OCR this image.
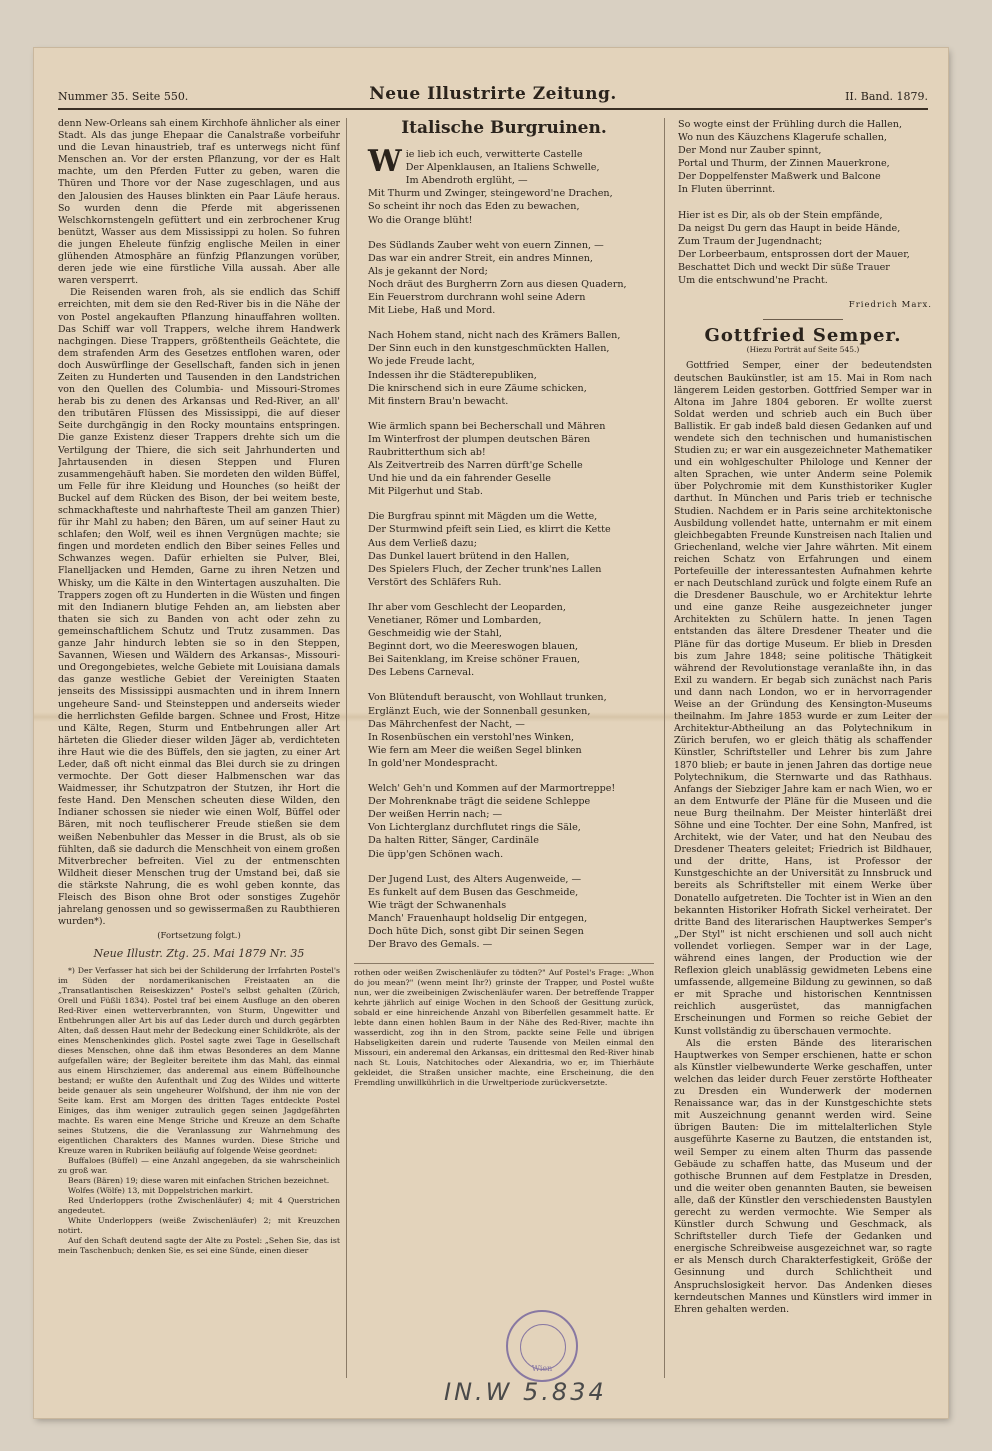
Nummer 35. Seite 550.	Neue Illustrirte Zeitung.	II. Band. 1879.

denn New-Orleans sah einem Kirchhofe ähnlicher als einer Stadt. Als das junge Ehepaar die Canalstraße vorbeifuhr und die Levan hinaustrieb, traf es unterwegs nicht fünf Menschen an. Vor der ersten Pflanzung, vor der es Halt machte, um den Pferden Futter zu geben, waren die Thüren und Thore vor der Nase zugeschlagen, und aus den Jalousien des Hauses blinkten ein Paar Läufe heraus. So wurden denn die Pferde mit abgerissenen Welschkornstengeln gefüttert und ein zerbrochener Krug benützt, Wasser aus dem Mississippi zu holen. So fuhren die jungen Eheleute fünfzig englische Meilen in einer glühenden Atmosphäre an fünfzig Pflanzungen vorüber, deren jede wie eine fürstliche Villa aussah. Aber alle waren versperrt.

Die Reisenden waren froh, als sie endlich das Schiff erreichten, mit dem sie den Red-River bis in die Nähe der von Postel angekauften Pflanzung hinauffahren wollten. Das Schiff war voll Trappers, welche ihrem Handwerk nachgingen. Diese Trappers, größtentheils Geächtete, die dem strafenden Arm des Gesetzes entflohen waren, oder doch Auswürflinge der Gesellschaft, fanden sich in jenen Zeiten zu Hunderten und Tausenden in den Landstrichen von den Quellen des Columbia- und Missouri-Stromes herab bis zu denen des Arkansas und Red-River, an all' den tributären Flüssen des Mississippi, die auf dieser Seite durchgängig in den Rocky mountains entspringen. Die ganze Existenz dieser Trappers drehte sich um die Vertilgung der Thiere, die sich seit Jahrhunderten und Jahrtausenden in diesen Steppen und Fluren zusammengehäuft haben. Sie mordeten den wilden Büffel, um Felle für ihre Kleidung und Hounches (so heißt der Buckel auf dem Rücken des Bison, der bei weitem beste, schmackhafteste und nahrhafteste Theil am ganzen Thier) für ihr Mahl zu haben; den Bären, um auf seiner Haut zu schlafen; den Wolf, weil es ihnen Vergnügen machte; sie fingen und mordeten endlich den Biber seines Felles und Schwanzes wegen. Dafür erhielten sie Pulver, Blei, Flanelljacken und Hemden, Garne zu ihren Netzen und Whisky, um die Kälte in den Wintertagen auszuhalten. Die Trappers zogen oft zu Hunderten in die Wüsten und fingen mit den Indianern blutige Fehden an, am liebsten aber thaten sie sich zu Banden von acht oder zehn zu gemeinschaftlichem Schutz und Trutz zusammen. Das ganze Jahr hindurch lebten sie so in den Steppen, Savannen, Wiesen und Wäldern des Arkansas-, Missouri- und Oregongebietes, welche Gebiete mit Louisiana damals das ganze westliche Gebiet der Vereinigten Staaten jenseits des Mississippi ausmachten und in ihrem Innern ungeheure Sand- und Steinsteppen und anderseits wieder die herrlichsten Gefilde bargen. Schnee und Frost, Hitze und Kälte, Regen, Sturm und Entbehrungen aller Art härteten die Glieder dieser wilden Jäger ab, verdichteten ihre Haut wie die des Büffels, den sie jagten, zu einer Art Leder, daß oft nicht einmal das Blei durch sie zu dringen vermochte. Der Gott dieser Halbmenschen war das Waidmesser, ihr Schutzpatron der Stutzen, ihr Hort die feste Hand. Den Menschen scheuten diese Wilden, den Indianer schossen sie nieder wie einen Wolf, Büffel oder Bären, mit noch teuflischerer Freude stießen sie dem weißen Nebenbuhler das Messer in die Brust, als ob sie fühlten, daß sie dadurch die Menschheit von einem großen Mitverbrecher befreiten. Viel zu der entmenschten Wildheit dieser Menschen trug der Umstand bei, daß sie die stärkste Nahrung, die es wohl geben konnte, das Fleisch des Bison ohne Brot oder sonstiges Zugehör jahrelang genossen und so gewissermaßen zu Raubthieren wurden*).

(Fortsetzung folgt.)

Neue Illustr. Ztg. 25. Mai 1879 Nr. 35

*) Der Verfasser hat sich bei der Schilderung der Irrfahrten Postel's im Süden der nordamerikanischen Freistaaten an die „Transatlantischen Reiseskizzen" Postel's selbst gehalten (Zürich, Orell und Füßli 1834). Postel traf bei einem Ausfluge an den oberen Red-River einen wetterverbrannten, von Sturm, Ungewitter und Entbehrungen aller Art bis auf das Leder durch und durch gegärbten Alten, daß dessen Haut mehr der Bedeckung einer Schildkröte, als der eines Menschenkindes glich. Postel sagte zwei Tage in Gesellschaft dieses Menschen, ohne daß ihm etwas Besonderes an dem Manne aufgefallen wäre; der Begleiter bereitete ihm das Mahl, das einmal aus einem Hirschziemer, das anderemal aus einem Büffelhounche bestand; er wußte den Aufenthalt und Zug des Wildes und witterte beide genauer als sein ungeheurer Wolfshund, der ihm nie von der Seite kam. Erst am Morgen des dritten Tages entdeckte Postel Einiges, das ihm weniger zutraulich gegen seinen Jagdgefährten machte. Es waren eine Menge Striche und Kreuze an dem Schafte seines Stutzens, die die Veranlassung zur Wahrnehmung des eigentlichen Charakters des Mannes wurden. Diese Striche und Kreuze waren in Rubriken beiläufig auf folgende Weise geordnet:

Buffaloes (Büffel) — eine Anzahl angegeben, da sie wahrscheinlich zu groß war.

Bears (Bären) 19; diese waren mit einfachen Strichen bezeichnet.

Wolfes (Wölfe) 13, mit Doppelstrichen markirt.

Red Underloppers (rothe Zwischenläufer) 4; mit 4 Querstrichen angedeutet.

White Underloppers (weiße Zwischenläufer) 2; mit Kreuzchen notirt.

Auf den Schaft deutend sagte der Alte zu Postel: „Sehen Sie, das ist mein Taschenbuch; denken Sie, es sei eine Sünde, einen dieser

Italische Burgruinen.
Wie lieb ich euch, verwitterte Castelle
Der Alpenklausen, an Italiens Schwelle,
Im Abendroth erglüht, —
Mit Thurm und Zwinger, steingeword'ne Drachen,
So scheint ihr noch das Eden zu bewachen,
Wo die Orange blüht!
Des Südlands Zauber weht von euern Zinnen, —
Das war ein andrer Streit, ein andres Minnen,
Als je gekannt der Nord;
Noch dräut des Burgherrn Zorn aus diesen Quadern,
Ein Feuerstrom durchrann wohl seine Adern
Mit Liebe, Haß und Mord.
Nach Hohem stand, nicht nach des Krämers Ballen,
Der Sinn euch in den kunstgeschmückten Hallen,
Wo jede Freude lacht,
Indessen ihr die Städterepubliken,
Die knirschend sich in eure Zäume schicken,
Mit finstern Brau'n bewacht.
Wie ärmlich spann bei Becherschall und Mähren
Im Winterfrost der plumpen deutschen Bären
Raubritterthum sich ab!
Als Zeitvertreib des Narren dürft'ge Schelle
Und hie und da ein fahrender Geselle
Mit Pilgerhut und Stab.
Die Burgfrau spinnt mit Mägden um die Wette,
Der Sturmwind pfeift sein Lied, es klirrt die Kette
Aus dem Verließ dazu;
Das Dunkel lauert brütend in den Hallen,
Des Spielers Fluch, der Zecher trunk'nes Lallen
Verstört des Schläfers Ruh.
Ihr aber vom Geschlecht der Leoparden,
Venetianer, Römer und Lombarden,
Geschmeidig wie der Stahl,
Beginnt dort, wo die Meereswogen blauen,
Bei Saitenklang, im Kreise schöner Frauen,
Des Lebens Carneval.
Von Blütenduft berauscht, von Wohllaut trunken,
Erglänzt Euch, wie der Sonnenball gesunken,
Das Mährchenfest der Nacht, —
In Rosenbüschen ein verstohl'nes Winken,
Wie fern am Meer die weißen Segel blinken
In gold'ner Mondespracht.
Welch' Geh'n und Kommen auf der Marmortreppe!
Der Mohrenknabe trägt die seidene Schleppe
Der weißen Herrin nach; —
Von Lichterglanz durchflutet rings die Säle,
Da halten Ritter, Sänger, Cardinäle
Die üpp'gen Schönen wach.
Der Jugend Lust, des Alters Augenweide, —
Es funkelt auf dem Busen das Geschmeide,
Wie trägt der Schwanenhals
Manch' Frauenhaupt holdselig Dir entgegen,
Doch hüte Dich, sonst gibt Dir seinen Segen
Der Bravo des Gemals. —

rothen oder weißen Zwischenläufer zu tödten?" Auf Postel's Frage: „Whon do jou mean?" (wenn meint Ihr?) grinste der Trapper, und Postel wußte nun, wer die zweibeinigen Zwischenläufer waren. Der betreffende Trapper kehrte jährlich auf einige Wochen in den Schooß der Gesittung zurück, sobald er eine hinreichende Anzahl von Biberfellen gesammelt hatte. Er lebte dann einen hohlen Baum in der Nähe des Red-River, machte ihn wasserdicht, zog ihn in den Strom, packte seine Felle und übrigen Habseligkeiten darein und ruderte Tausende von Meilen einmal den Missouri, ein anderemal den Arkansas, ein drittesmal den Red-River hinab nach St. Louis, Natchitoches oder Alexandria, wo er, im Thierhäute gekleidet, die Straßen unsicher machte, eine Erscheinung, die den Fremdling unwillkührlich in die Urweltperiode zurückversetzte.

So wogte einst der Frühling durch die Hallen,
Wo nun des Käuzchens Klagerufe schallen,
Der Mond nur Zauber spinnt,
Portal und Thurm, der Zinnen Mauerkrone,
Der Doppelfenster Maßwerk und Balcone
In Fluten überrinnt.
Hier ist es Dir, als ob der Stein empfände,
Da neigst Du gern das Haupt in beide Hände,
Zum Traum der Jugendnacht;
Der Lorbeerbaum, entsprossen dort der Mauer,
Beschattet Dich und weckt Dir süße Trauer
Um die entschwund'ne Pracht.
Friedrich Marx.
Gottfried Semper.
(Hiezu Porträt auf Seite 545.)

Gottfried Semper, einer der bedeutendsten deutschen Baukünstler, ist am 15. Mai in Rom nach längerem Leiden gestorben. Gottfried Semper war in Altona im Jahre 1804 geboren. Er wollte zuerst Soldat werden und schrieb auch ein Buch über Ballistik. Er gab indeß bald diesen Gedanken auf und wendete sich den technischen und humanistischen Studien zu; er war ein ausgezeichneter Mathematiker und ein wohlgeschulter Philologe und Kenner der alten Sprachen, wie unter Anderm seine Polemik über Polychromie mit dem Kunsthistoriker Kugler darthut. In München und Paris trieb er technische Studien. Nachdem er in Paris seine architektonische Ausbildung vollendet hatte, unternahm er mit einem gleichbegabten Freunde Kunstreisen nach Italien und Griechenland, welche vier Jahre währten. Mit einem reichen Schatz von Erfahrungen und einem Portefeuille der interessantesten Aufnahmen kehrte er nach Deutschland zurück und folgte einem Rufe an die Dresdener Bauschule, wo er Architektur lehrte und eine ganze Reihe ausgezeichneter junger Architekten zu Schülern hatte. In jenen Tagen entstanden das ältere Dresdener Theater und die Pläne für das dortige Museum. Er blieb in Dresden bis zum Jahre 1848; seine politische Thätigkeit während der Revolutionstage veranlaßte ihn, in das Exil zu wandern. Er begab sich zunächst nach Paris und dann nach London, wo er in hervorragender Weise an der Gründung des Kensington-Museums theilnahm. Im Jahre 1853 wurde er zum Leiter der Architektur-Abtheilung an das Polytechnikum in Zürich berufen, wo er gleich thätig als schaffender Künstler, Schriftsteller und Lehrer bis zum Jahre 1870 blieb; er baute in jenen Jahren das dortige neue Polytechnikum, die Sternwarte und das Rathhaus. Anfangs der Siebziger Jahre kam er nach Wien, wo er an dem Entwurfe der Pläne für die Museen und die neue Burg theilnahm. Der Meister hinterläßt drei Söhne und eine Tochter. Der eine Sohn, Manfred, ist Architekt, wie der Vater, und hat den Neubau des Dresdener Theaters geleitet; Friedrich ist Bildhauer, und der dritte, Hans, ist Professor der Kunstgeschichte an der Universität zu Innsbruck und bereits als Schriftsteller mit einem Werke über Donatello aufgetreten. Die Tochter ist in Wien an den bekannten Historiker Hofrath Sickel verheiratet. Der dritte Band des literarischen Hauptwerkes Semper's „Der Styl" ist nicht erschienen und soll auch nicht vollendet vorliegen. Semper war in der Lage, während eines langen, der Production wie der Reflexion gleich unablässig gewidmeten Lebens eine umfassende, allgemeine Bildung zu gewinnen, so daß er mit Sprache und historischen Kenntnissen reichlich ausgerüstet, das mannigfachen Erscheinungen und Formen so reiche Gebiet der Kunst vollständig zu überschauen vermochte.

Als die ersten Bände des literarischen Hauptwerkes von Semper erschienen, hatte er schon als Künstler vielbewunderte Werke geschaffen, unter welchen das leider durch Feuer zerstörte Hoftheater zu Dresden ein Wunderwerk der modernen Renaissance war, das in der Kunstgeschichte stets mit Auszeichnung genannt werden wird. Seine übrigen Bauten: Die im mittelalterlichen Style ausgeführte Kaserne zu Bautzen, die entstanden ist, weil Semper zu einem alten Thurm das passende Gebäude zu schaffen hatte, das Museum und der gothische Brunnen auf dem Festplatze in Dresden, und die weiter oben genannten Bauten, sie beweisen alle, daß der Künstler den verschiedensten Baustylen gerecht zu werden vermochte. Wie Semper als Künstler durch Schwung und Geschmack, als Schriftsteller durch Tiefe der Gedanken und energische Schreibweise ausgezeichnet war, so ragte er als Mensch durch Charakterfestigkeit, Größe der Gesinnung und durch Schlichtheit und Anspruchslosigkeit hervor. Das Andenken dieses kerndeutschen Mannes und Künstlers wird immer in Ehren gehalten werden.

Wien
IN.W 5.834
